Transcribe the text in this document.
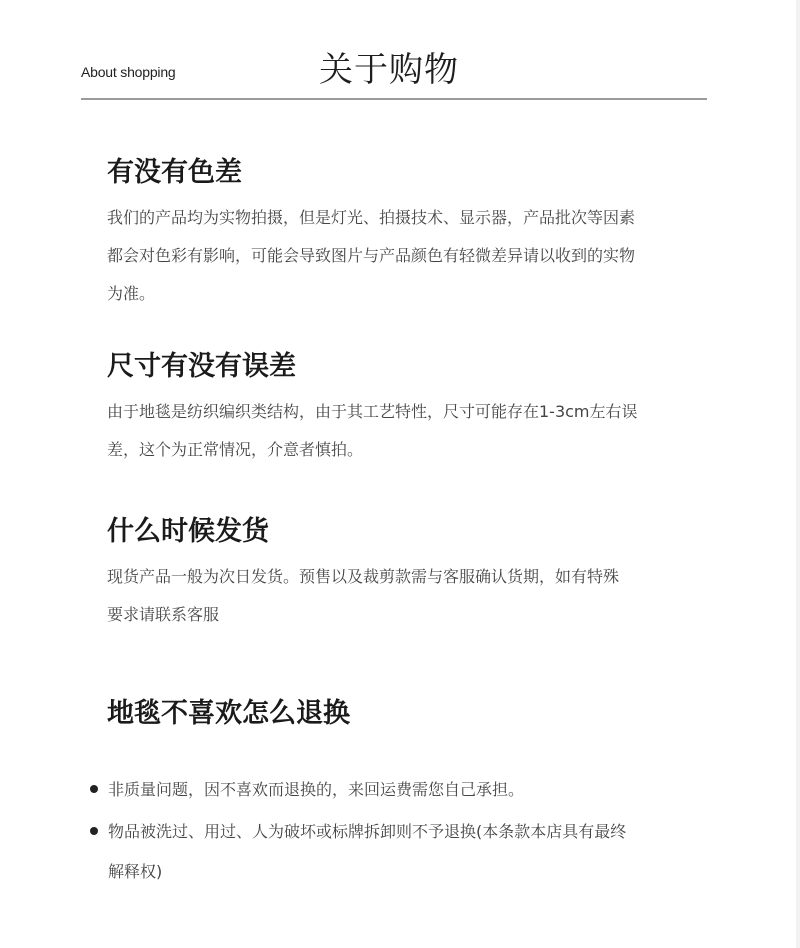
About shopping	关于购物
有没有色差
我们的产品均为实物拍摄，但是灯光、拍摄技术、显示器，产品批次等因素
都会对色彩有影响，可能会导致图片与产品颜色有轻微差异请以收到的实物
为准。
尺寸有没有误差
由于地毯是纺织编织类结构，由于其工艺特性，尺寸可能存在1-3cm左右误
差，这个为正常情况，介意者慎拍。
什么时候发货
现货产品一般为次日发货。预售以及裁剪款需与客服确认货期，如有特殊
要求请联系客服
地毯不喜欢怎么退换
非质量问题，因不喜欢而退换的，来回运费需您自己承担。
物品被洗过、用过、人为破坏或标牌拆卸则不予退换(本条款本店具有最终
解释权)
